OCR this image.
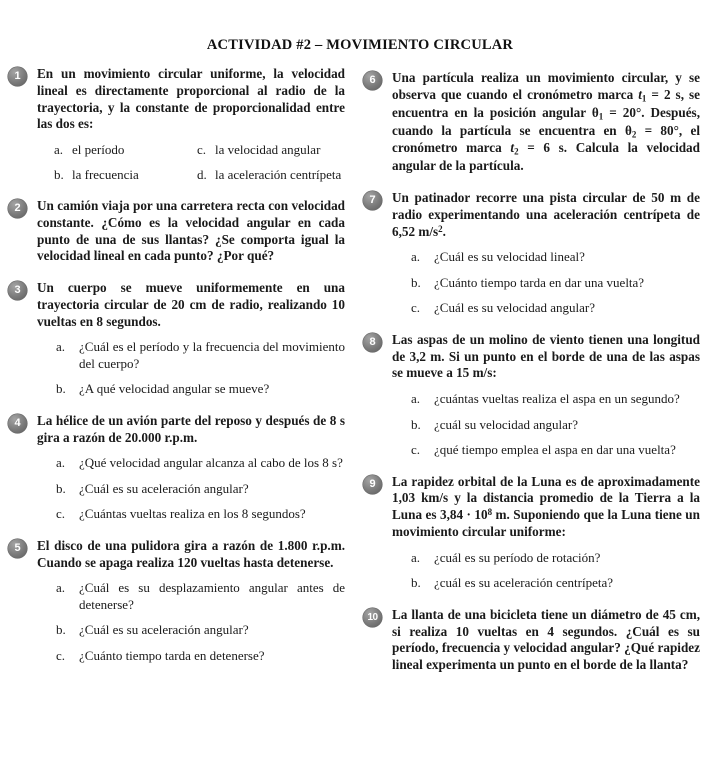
ACTIVIDAD #2 – MOVIMIENTO CIRCULAR
1	En un movimiento circular uniforme, la velocidad lineal es directamente proporcional al radio de la trayectoria, y la constante de proporcionalidad entre las dos es:

a. el período	c. la velocidad angular
b. la frecuencia	d. la aceleración centrípeta
2	Un camión viaja por una carretera recta con velocidad constante. ¿Cómo es la velocidad angular en cada punto de una de sus llantas? ¿Se comporta igual la velocidad lineal en cada punto? ¿Por qué?

3	Un cuerpo se mueve uniformemente en una trayectoria circular de 20 cm de radio, realizando 10 vueltas en 8 segundos.

a. ¿Cuál es el período y la frecuencia del movimiento del cuerpo?
b. ¿A qué velocidad angular se mueve?
4	La hélice de un avión parte del reposo y después de 8 s gira a razón de 20.000 r.p.m.

a. ¿Qué velocidad angular alcanza al cabo de los 8 s?
b. ¿Cuál es su aceleración angular?
c. ¿Cuántas vueltas realiza en los 8 segundos?
5	El disco de una pulidora gira a razón de 1.800 r.p.m. Cuando se apaga realiza 120 vueltas hasta detenerse.

a. ¿Cuál es su desplazamiento angular antes de detenerse?
b. ¿Cuál es su aceleración angular?
c. ¿Cuánto tiempo tarda en detenerse?
6	Una partícula realiza un movimiento circular, y se observa que cuando el cronómetro marca $t_1 = 2$ s, se encuentra en la posición angular $\theta_1 = 20^\circ$. Después, cuando la partícula se encuentra en $\theta_2 = 80^\circ$, el cronómetro marca $t_2 = 6$ s. Calcula la velocidad angular de la partícula.

7	Un patinador recorre una pista circular de 50 m de radio experimentando una aceleración centrípeta de 6,52 $m/s^2$.

a. ¿Cuál es su velocidad lineal?
b. ¿Cuánto tiempo tarda en dar una vuelta?
c. ¿Cuál es su velocidad angular?
8	Las aspas de un molino de viento tienen una longitud de 3,2 m. Si un punto en el borde de una de las aspas se mueve a 15 m/s:

a. ¿cuántas vueltas realiza el aspa en un segundo?
b. ¿cuál su velocidad angular?
c. ¿qué tiempo emplea el aspa en dar una vuelta?
9	La rapidez orbital de la Luna es de aproximadamente 1,03 km/s y la distancia promedio de la Tierra a la Luna es $3,84 \cdot 10^8$ m. Suponiendo que la Luna tiene un movimiento circular uniforme:

a. ¿cuál es su período de rotación?
b. ¿cuál es su aceleración centrípeta?
10	La llanta de una bicicleta tiene un diámetro de 45 cm, si realiza 10 vueltas en 4 segundos. ¿Cuál es su período, frecuencia y velocidad angular? ¿Qué rapidez lineal experimenta un punto en el borde de la llanta?
